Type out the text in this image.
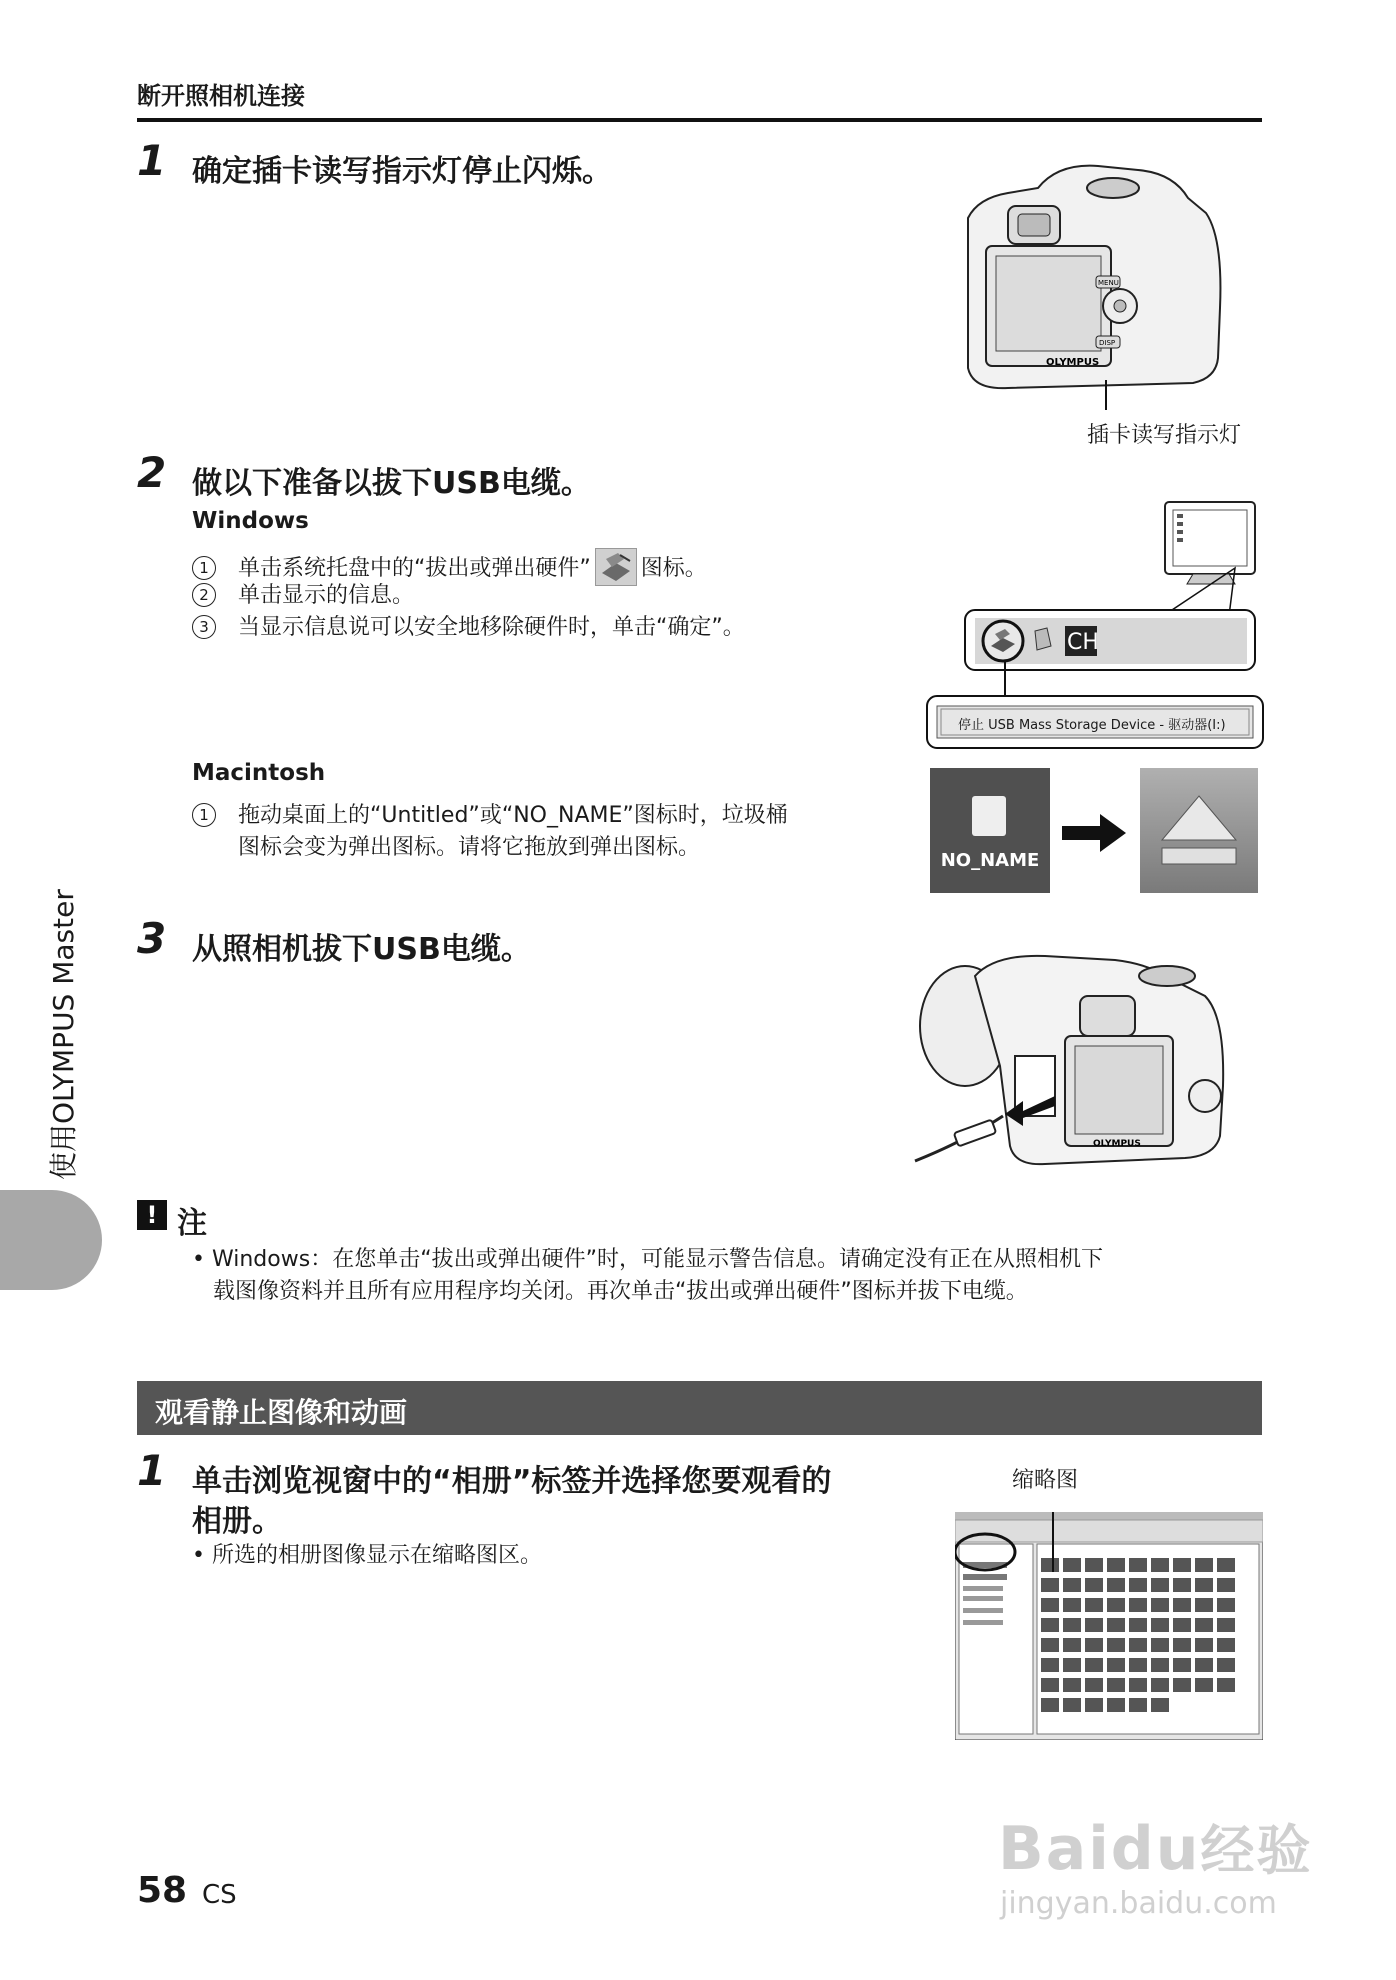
断开照相机连接
1 确定插卡读写指示灯停止闪烁。
MENU
DISP
OLYMPUS
插卡读写指示灯
2 做以下准备以拔下USB电缆。
Windows
1 单击系统托盘中的“拔出或弹出硬件” 图标。
2 单击显示的信息。
3 当显示信息说可以安全地移除硬件时，单击“确定”。
CH
停止 USB Mass Storage Device - 驱动器(I:)
Macintosh
1 拖动桌面上的“Untitled”或“NO_NAME”图标时，垃圾桶
图标会变为弹出图标。请将它拖放到弹出图标。
NO_NAME
3 从照相机拔下USB电缆。
OLYMPUS
! 注
• Windows：在您单击“拔出或弹出硬件”时，可能显示警告信息。请确定没有正在从照相机下
载图像资料并且所有应用程序均关闭。再次单击“拔出或弹出硬件”图标并拔下电缆。
使用OLYMPUS Master
观看静止图像和动画
1 单击浏览视窗中的“相册”标签并选择您要观看的
相册。
• 所选的相册图像显示在缩略图区。
缩略图
58 CS
Baidu经验
jingyan.baidu.com
